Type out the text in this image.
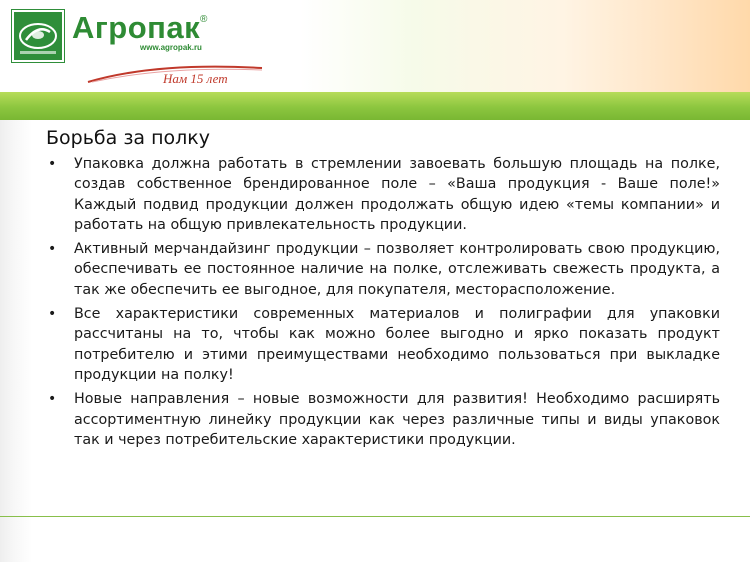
Агропак ®
www.agropak.ru
Нам 15 лет
Борьба за полку
• Упаковка должна работать в стремлении завоевать большую площадь на полке, создав собственное брендированное поле – «Ваша продукция - Ваше поле!» Каждый подвид продукции должен продолжать общую идею «темы компании» и работать на общую привлекательность продукции.
• Активный мерчандайзинг продукции – позволяет контролировать свою продукцию, обеспечивать ее постоянное наличие на полке, отслеживать свежесть продукта, а так же обеспечить ее выгодное, для покупателя, месторасположение.
• Все характеристики современных материалов и полиграфии для упаковки рассчитаны на то, чтобы как можно более выгодно и ярко показать продукт потребителю и этими преимуществами необходимо пользоваться при выкладке продукции на полку!
• Новые направления – новые возможности для развития! Необходимо расширять ассортиментную линейку продукции как через различные типы и виды упаковок так и через потребительские характеристики продукции.
